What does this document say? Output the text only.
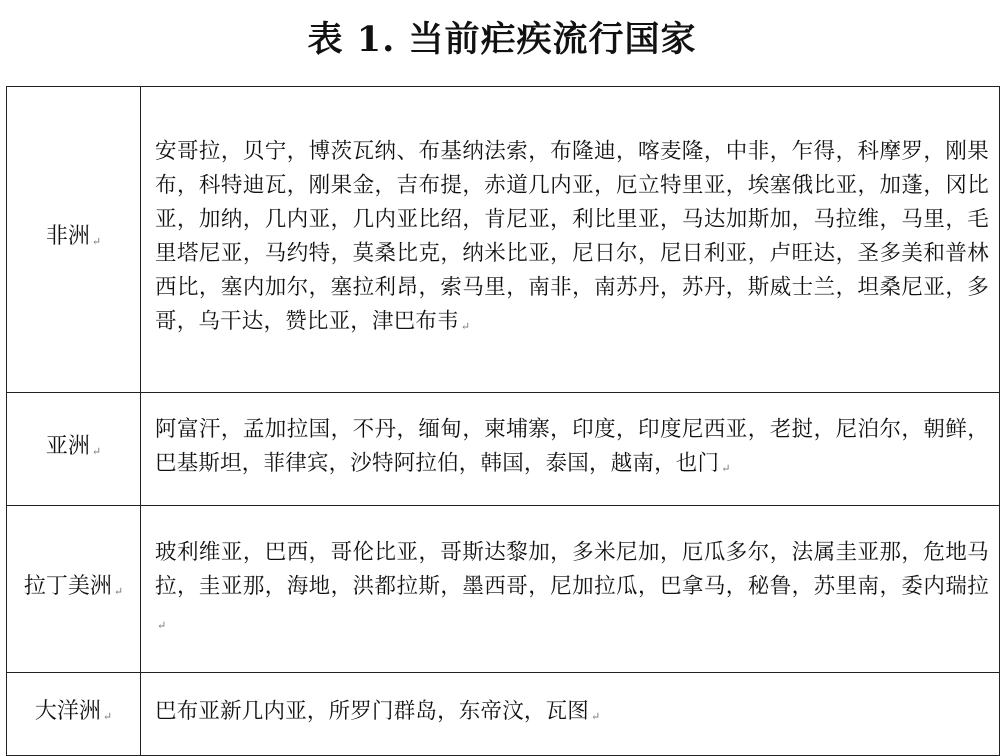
表 1. 当前疟疾流行国家
非洲 ↵	安哥拉，贝宁，博茨瓦纳、布基纳法索，布隆迪，喀麦隆，中非，乍得，科摩罗，刚果布，科特迪瓦，刚果金，吉布提，赤道几内亚，厄立特里亚，埃塞俄比亚，加蓬，冈比亚，加纳，几内亚，几内亚比绍，肯尼亚，利比里亚，马达加斯加，马拉维，马里，毛里塔尼亚，马约特，莫桑比克，纳米比亚，尼日尔，尼日利亚，卢旺达，圣多美和普林西比，塞内加尔，塞拉利昂，索马里，南非，南苏丹，苏丹，斯威士兰，坦桑尼亚，多哥，乌干达，赞比亚，津巴布韦 ↵
亚洲 ↵	阿富汗，孟加拉国，不丹，缅甸，柬埔寨，印度，印度尼西亚，老挝，尼泊尔，朝鲜，巴基斯坦，菲律宾，沙特阿拉伯，韩国，泰国，越南，也门 ↵
拉丁美洲 ↵	玻利维亚，巴西，哥伦比亚，哥斯达黎加，多米尼加，厄瓜多尔，法属圭亚那，危地马拉，圭亚那，海地，洪都拉斯，墨西哥，尼加拉瓜，巴拿马，秘鲁，苏里南，委内瑞拉↵
大洋洲 ↵	巴布亚新几内亚，所罗门群岛，东帝汶，瓦图 ↵
